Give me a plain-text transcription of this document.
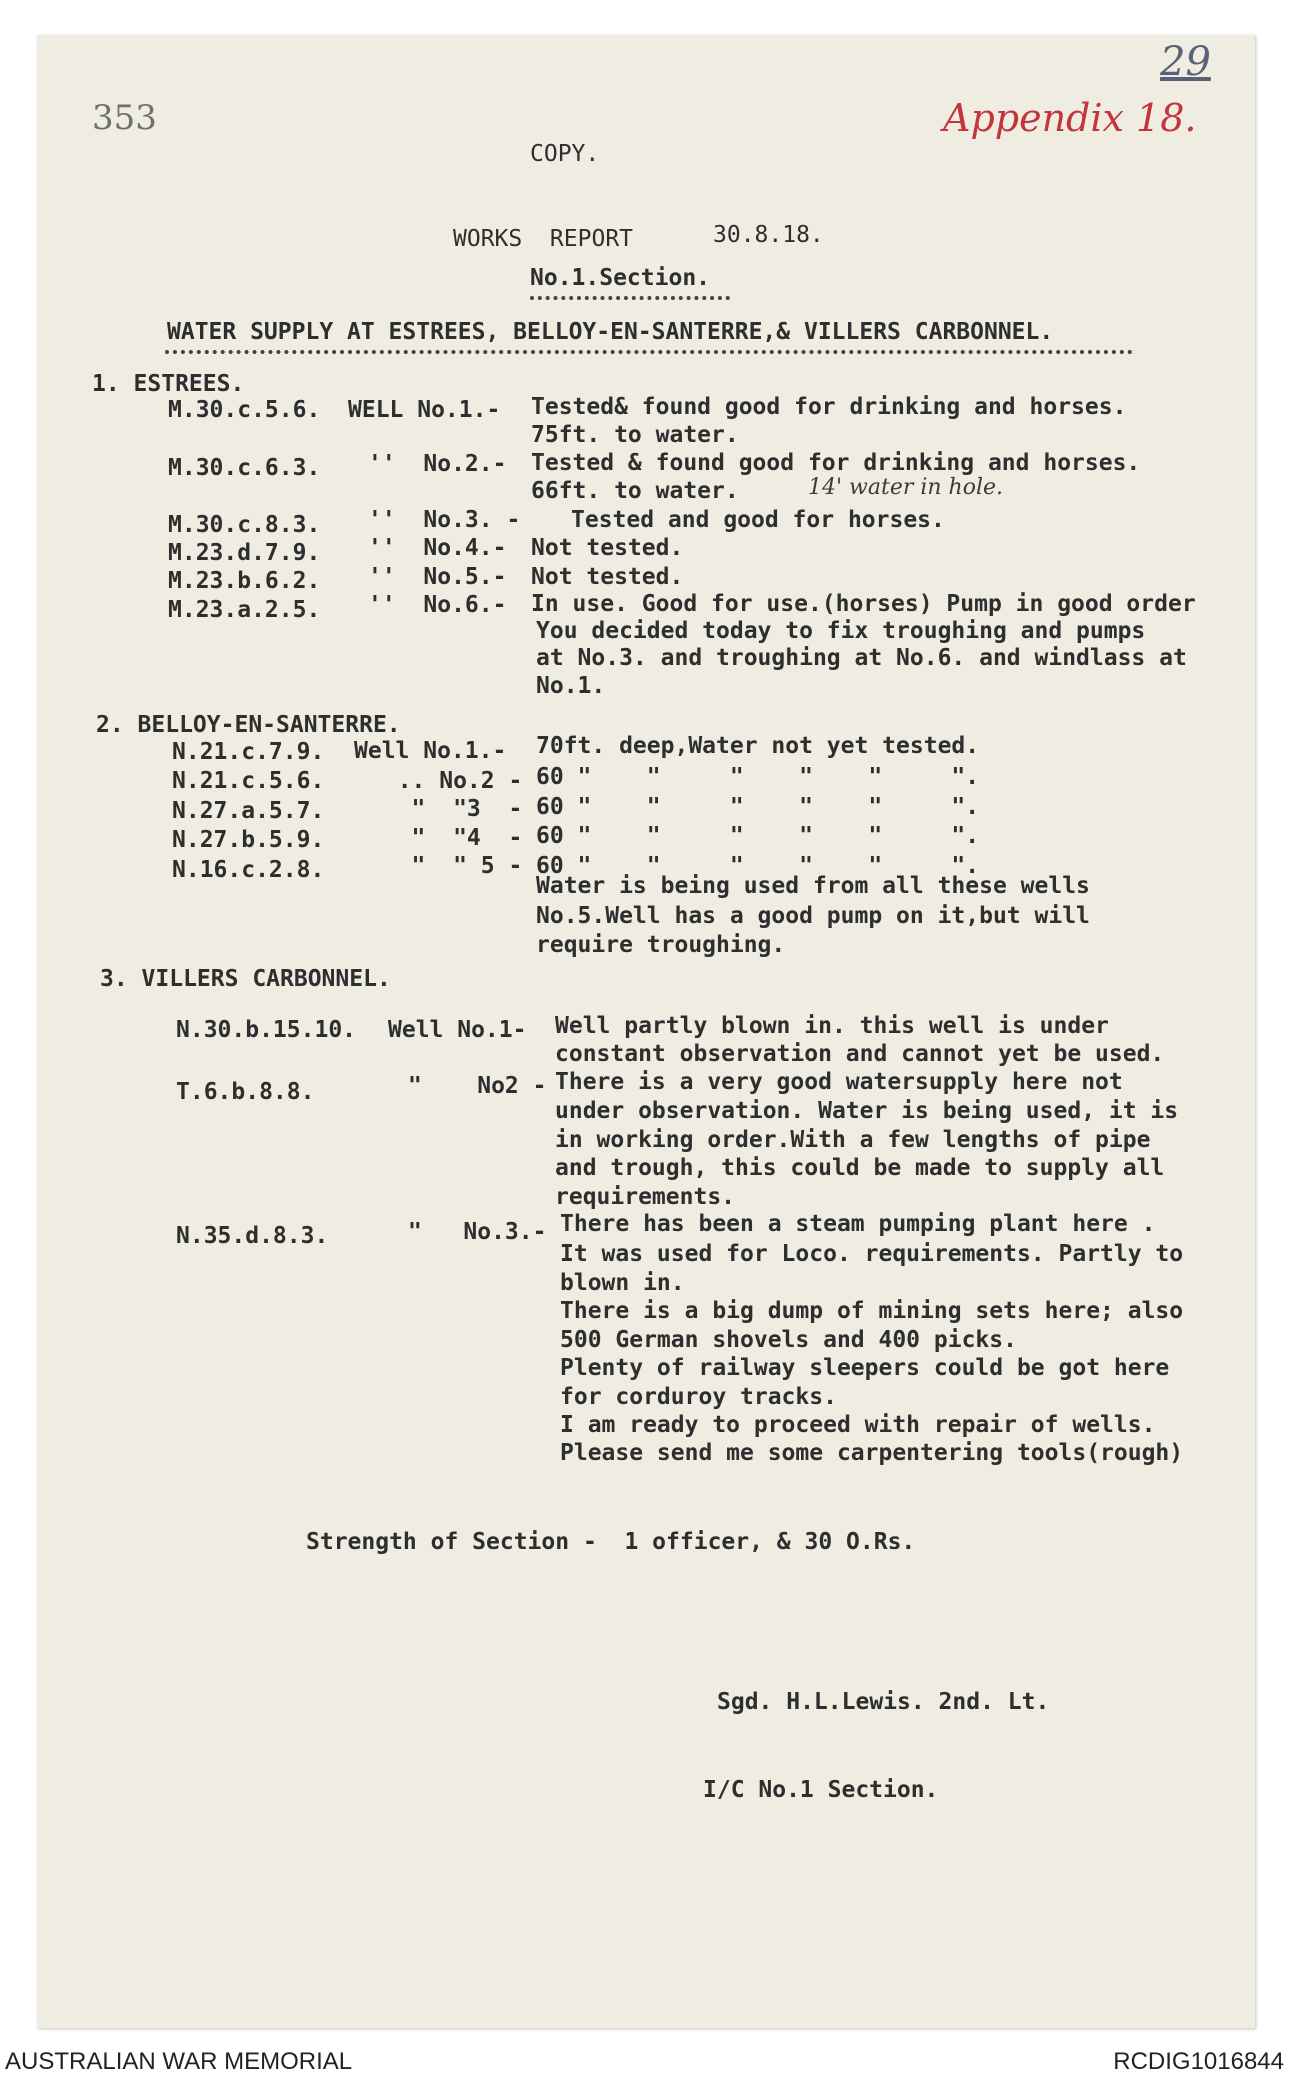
353
29
Appendix 18.
COPY.
WORKS  REPORT	30.8.18.
No.1.Section.
WATER SUPPLY AT ESTREES, BELLOY-EN-SANTERRE,& VILLERS CARBONNEL.
1. ESTREES.
M.30.c.5.6. WELL No.1.- Tested& found good for drinking and horses.
75ft. to water.
M.30.c.6.3. ''  No.2.- Tested & found good for drinking and horses.
66ft. to water.	14' water in hole.
M.30.c.8.3. ''  No.3. - Tested and good for horses.
M.23.d.7.9. ''  No.4.- Not tested.
M.23.b.6.2. ''  No.5.- Not tested.
M.23.a.2.5. ''  No.6.- In use. Good for use.(horses) Pump in good order
You decided today to fix troughing and pumps
at No.3. and troughing at No.6. and windlass at
No.1.
2. BELLOY-EN-SANTERRE.
N.21.c.7.9. Well No.1.- 70ft. deep,Water not yet tested.
N.21.c.5.6. .. No.2 - 60 "    "     "    "    "     ".
N.27.a.5.7. "  "3  - 60 "    "     "    "    "     ".
N.27.b.5.9. "  "4  - 60 "    "     "    "    "     ".
N.16.c.2.8. "  " 5 - 60 "    "     "    "    "     ".
Water is being used from all these wells
No.5.Well has a good pump on it,but will
require troughing.
3. VILLERS CARBONNEL.
N.30.b.15.10. Well No.1- Well partly blown in. this well is under
constant observation and cannot yet be used.
T.6.b.8.8.	"    No2 - There is a very good watersupply here not
under observation. Water is being used, it is
in working order.With a few lengths of pipe
and trough, this could be made to supply all
requirements.
N.35.d.8.3.	"   No.3.- There has been a steam pumping plant here .
It was used for Loco. requirements. Partly to
blown in.
There is a big dump of mining sets here; also
500 German shovels and 400 picks.
Plenty of railway sleepers could be got here
for corduroy tracks.
I am ready to proceed with repair of wells.
Please send me some carpentering tools(rough)
Strength of Section -  1 officer, & 30 O.Rs.
Sgd. H.L.Lewis. 2nd. Lt.
I/C No.1 Section.
AUSTRALIAN WAR MEMORIAL	RCDIG1016844
